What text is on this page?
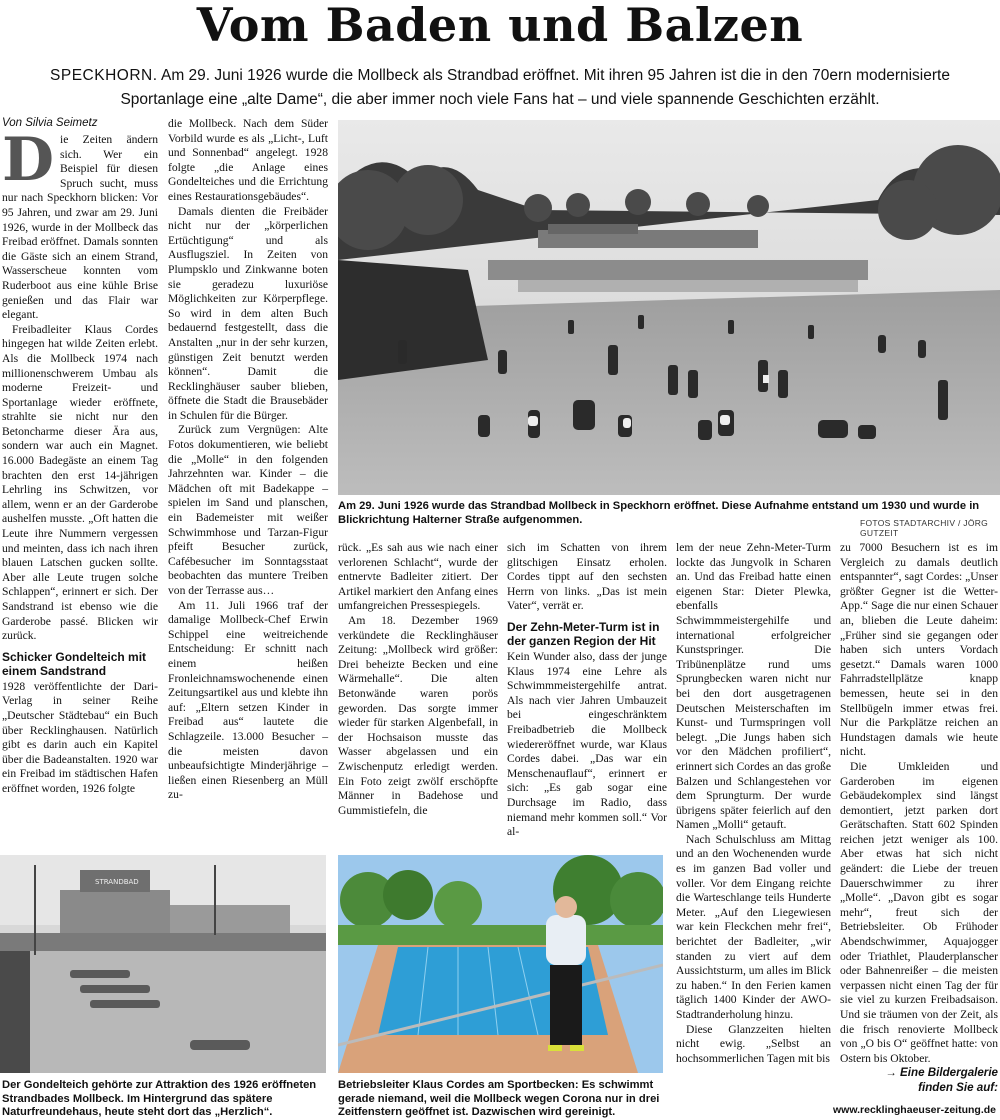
Vom Baden und Balzen
SPECKHORN. Am 29. Juni 1926 wurde die Mollbeck als Strandbad eröffnet. Mit ihren 95 Jahren ist die in den 70ern modernisierte Sportanlage eine „alte Dame“, die aber immer noch viele Fans hat – und viele spannende Geschichten erzählt.
Von Silvia Seimetz

Die Zeiten ändern sich. Wer ein Beispiel für diesen Spruch sucht, muss nur nach Speckhorn blicken: Vor 95 Jahren, und zwar am 29. Juni 1926, wurde in der Mollbeck das Freibad eröffnet. Damals sonnten die Gäste sich an einem Strand, Wasserscheue konnten vom Ruderboot aus eine kühle Brise genießen und das Flair war elegant.

Freibadleiter Klaus Cordes hingegen hat wilde Zeiten erlebt. Als die Mollbeck 1974 nach millionenschwerem Umbau als moderne Freizeit- und Sportanlage wieder eröffnete, strahlte sie nicht nur den Betoncharme dieser Ära aus, sondern war auch ein Magnet. 16.000 Badegäste an einem Tag brachten den erst 14-jährigen Lehrling ins Schwitzen, vor allem, wenn er an der Garderobe aushelfen musste. „Oft hatten die Leute ihre Nummern vergessen und meinten, dass ich nach ihren blauen Latschen gucken sollte. Aber alle Leute trugen solche Schlappen“, erinnert er sich. Der Sandstrand ist ebenso wie die Garderobe passé. Blicken wir zurück.

Schicker Gondelteich mit einem Sandstrand

1928 veröffentlichte der Dari-Verlag in seiner Reihe „Deutscher Städtebau“ ein Buch über Recklinghausen. Natürlich gibt es darin auch ein Kapitel über die Badeanstalten. 1920 war ein Freibad im städtischen Hafen eröffnet worden, 1926 folgte

die Mollbeck. Nach dem Süder Vorbild wurde es als „Licht-, Luft und Sonnenbad“ angelegt. 1928 folgte „die Anlage eines Gondelteiches und die Errichtung eines Restaurationsgebäudes“.

Damals dienten die Freibäder nicht nur der „körperlichen Ertüchtigung“ und als Ausflugsziel. In Zeiten von Plumpsklo und Zinkwanne boten sie geradezu luxuriöse Möglichkeiten zur Körperpflege. So wird in dem alten Buch bedauernd festgestellt, dass die Anstalten „nur in der sehr kurzen, günstigen Zeit benutzt werden können“. Damit die Recklinghäuser sauber blieben, öffnete die Stadt die Brausebäder in Schulen für die Bürger.

Zurück zum Vergnügen: Alte Fotos dokumentieren, wie beliebt die „Molle“ in den folgenden Jahrzehnten war. Kinder – die Mädchen oft mit Badekappe – spielen im Sand und planschen, ein Bademeister mit weißer Schwimmhose und Tarzan-Figur pfeift Besucher zurück, Cafébesucher im Sonntagsstaat beobachten das muntere Treiben von der Terrasse aus…

Am 11. Juli 1966 traf der damalige Mollbeck-Chef Erwin Schippel eine weitreichende Entscheidung: Er schnitt nach einem heißen Fronleichnamswochenende einen Zeitungsartikel aus und klebte ihn auf: „Eltern setzen Kinder in Freibad aus“ lautete die Schlagzeile. 13.000 Besucher – die meisten davon unbeaufsichtigte Minderjährige – ließen einen Riesenberg an Müll zu-

Am 29. Juni 1926 wurde das Strandbad Mollbeck in Speckhorn eröffnet. Diese Aufnahme entstand um 1930 und wurde in Blickrichtung Halterner Straße aufgenommen.	FOTOS STADTARCHIV / JÖRG GUTZEIT

rück. „Es sah aus wie nach einer verlorenen Schlacht“, wurde der entnervte Badleiter zitiert. Der Artikel markiert den Anfang eines umfangreichen Pressespiegels.

Am 18. Dezember 1969 verkündete die Recklinghäuser Zeitung: „Mollbeck wird größer: Drei beheizte Becken und eine Wärmehalle“. Die alten Betonwände waren porös geworden. Das sorgte immer wieder für starken Algenbefall, in der Hochsaison musste das Wasser abgelassen und ein Zwischenputz erledigt werden. Ein Foto zeigt zwölf erschöpfte Männer in Badehose und Gummistiefeln, die

sich im Schatten von ihrem glitschigen Einsatz erholen. Cordes tippt auf den sechsten Herrn von links. „Das ist mein Vater“, verrät er.

Der Zehn-Meter-Turm ist in der ganzen Region der Hit

Kein Wunder also, dass der junge Klaus 1974 eine Lehre als Schwimmmeistergehilfe antrat. Als nach vier Jahren Umbauzeit bei eingeschränktem Freibadbetrieb die Mollbeck wiedereröffnet wurde, war Klaus Cordes dabei. „Das war ein Menschenauflauf“, erinnert er sich: „Es gab sogar eine Durchsage im Radio, dass niemand mehr kommen soll.“ Vor al-

lem der neue Zehn-Meter-Turm lockte das Jungvolk in Scharen an. Und das Freibad hatte einen eigenen Star: Dieter Plewka, ebenfalls Schwimmmeistergehilfe und international erfolgreicher Kunstspringer. Die Tribünenplätze rund ums Sprungbecken waren nicht nur bei den dort ausgetragenen Deutschen Meisterschaften im Kunst- und Turmspringen voll belegt. „Die Jungs haben sich vor den Mädchen profiliert“, erinnert sich Cordes an das große Balzen und Schlangestehen vor dem Sprungturm. Der wurde übrigens später feierlich auf den Namen „Molli“ getauft.

Nach Schulschluss am Mittag und an den Wochenenden wurde es im ganzen Bad voller und voller. Vor dem Eingang reichte die Warteschlange teils Hunderte Meter. „Auf den Liegewiesen war kein Fleckchen mehr frei“, berichtet der Badleiter, „wir standen zu viert auf dem Aussichtsturm, um alles im Blick zu haben.“ In den Ferien kamen täglich 1400 Kinder der AWO-Stadtranderholung hinzu.

Diese Glanzzeiten hielten nicht ewig. „Selbst an hochsommerlichen Tagen mit bis

zu 7000 Besuchern ist es im Vergleich zu damals deutlich entspannter“, sagt Cordes: „Unser größter Gegner ist die Wetter-App.“ Sage die nur einen Schauer an, blieben die Leute daheim: „Früher sind sie gegangen oder haben sich unters Vordach gesetzt.“ Damals waren 1000 Fahrradstellplätze knapp bemessen, heute sei in den Stellbügeln immer etwas frei. Nur die Parkplätze reichen an Hundstagen damals wie heute nicht.

Die Umkleiden und Garderoben im eigenen Gebäudekomplex sind längst demontiert, jetzt parken dort Gerätschaften. Statt 602 Spinden reichen jetzt weniger als 100. Aber etwas hat sich nicht geändert: die Liebe der treuen Dauerschwimmer zu ihrer „Molle“. „Davon gibt es sogar mehr“, freut sich der Betriebsleiter. Ob Frühoder Abendschwimmer, Aquajogger oder Triathlet, Plauderplanscher oder Bahnenreißer – die meisten verpassen nicht einen Tag der für sie viel zu kurzen Freibadsaison. Und sie träumen von der Zeit, als die frisch renovierte Mollbeck von „O bis O“ geöffnet hatte: von Ostern bis Oktober.

→ Eine Bildergalerie finden Sie auf:

STRANDBAD
Der Gondelteich gehörte zur Attraktion des 1926 eröffneten Strandbades Mollbeck. Im Hintergrund das spätere Naturfreundehaus, heute steht dort das „Herzlich“.
Betriebsleiter Klaus Cordes am Sportbecken: Es schwimmt gerade niemand, weil die Mollbeck wegen Corona nur in drei Zeitfenstern geöffnet ist. Dazwischen wird gereinigt.	www.recklinghaeuser-zeitung.de
